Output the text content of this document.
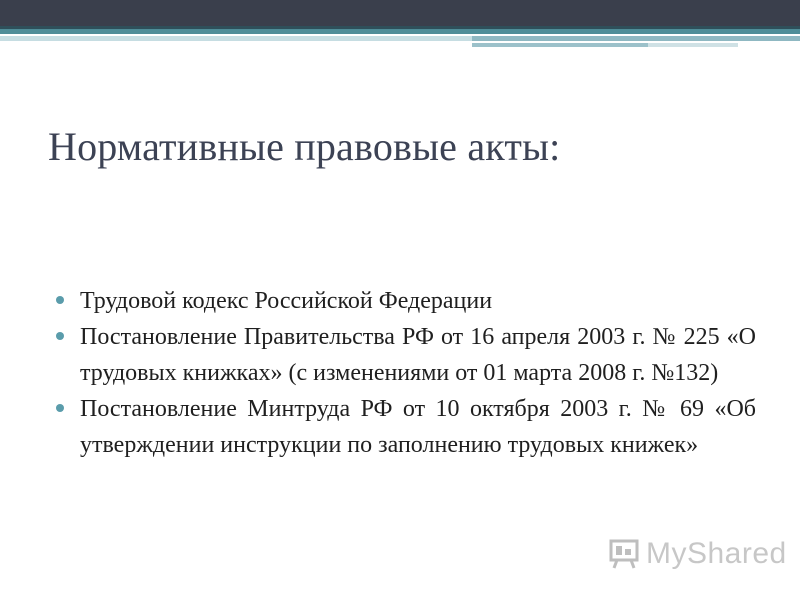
Нормативные правовые акты:
Трудовой кодекс Российской Федерации
Постановление Правительства РФ от 16 апреля 2003 г. № 225 «О трудовых книжках» (с изменениями от 01 марта 2008 г. №132)
Постановление Минтруда РФ от 10 октября 2003 г. № 69 «Об утверждении инструкции по заполнению трудовых книжек»
MyShared
